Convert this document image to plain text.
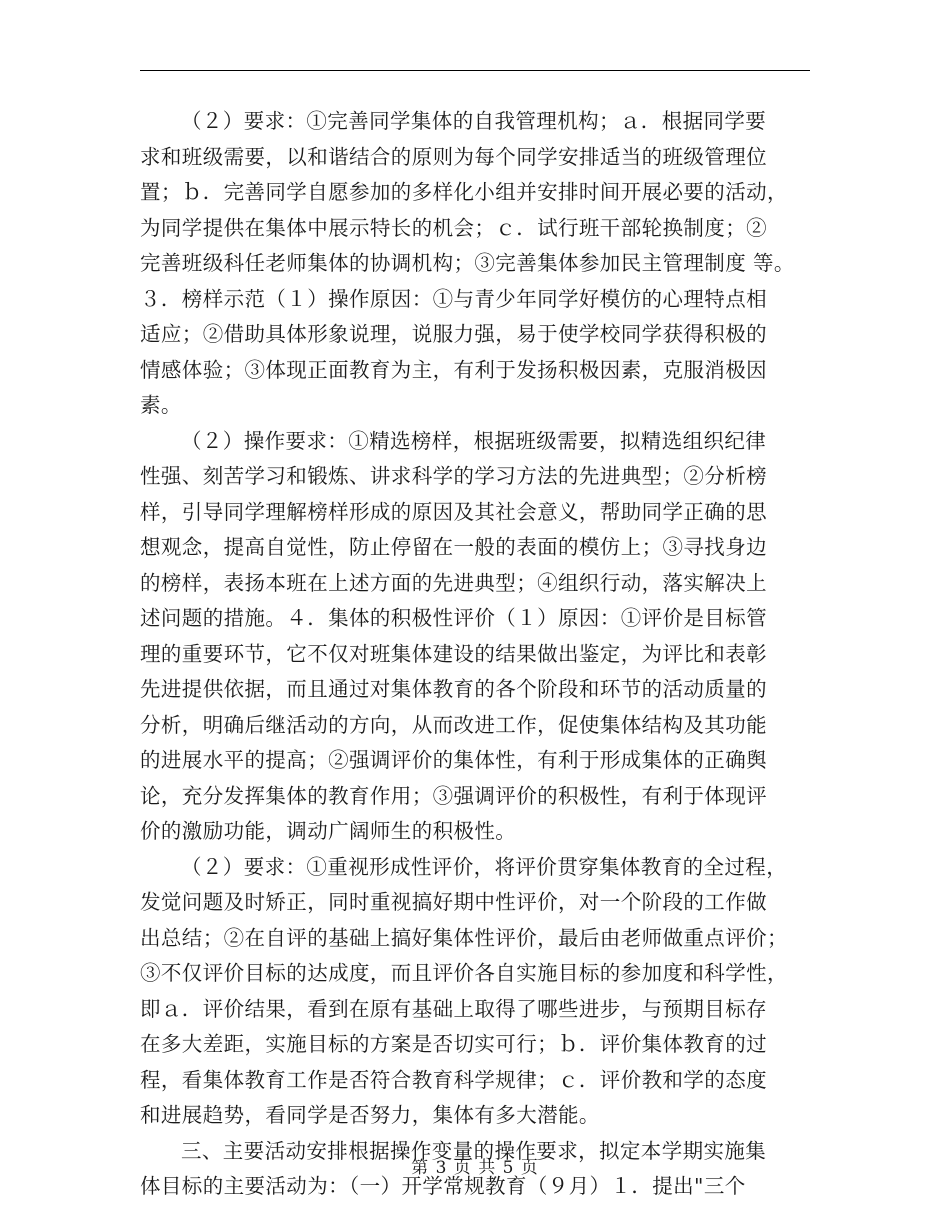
（２）要求：①完善同学集体的自我管理机构；ａ．根据同学要
求和班级需要，以和谐结合的原则为每个同学安排适当的班级管理位
置；ｂ．完善同学自愿参加的多样化小组并安排时间开展必要的活动，
为同学提供在集体中展示特长的机会；ｃ．试行班干部轮换制度；②
完善班级科任老师集体的协调机构；③完善集体参加民主管理制度 等。
３．榜样示范（１）操作原因：①与青少年同学好模仿的心理特点相
适应；②借助具体形象说理，说服力强，易于使学校同学获得积极的
情感体验；③体现正面教育为主，有利于发扬积极因素，克服消极因
素。
（２）操作要求：①精选榜样，根据班级需要，拟精选组织纪律
性强、刻苦学习和锻炼、讲求科学的学习方法的先进典型；②分析榜
样，引导同学理解榜样形成的原因及其社会意义，帮助同学正确的思
想观念，提高自觉性，防止停留在一般的表面的模仿上；③寻找身边
的榜样，表扬本班在上述方面的先进典型；④组织行动，落实解决上
述问题的措施。４．集体的积极性评价（１）原因：①评价是目标管
理的重要环节，它不仅对班集体建设的结果做出鉴定，为评比和表彰
先进提供依据，而且通过对集体教育的各个阶段和环节的活动质量的
分析，明确后继活动的方向，从而改进工作，促使集体结构及其功能
的进展水平的提高；②强调评价的集体性，有利于形成集体的正确舆
论，充分发挥集体的教育作用；③强调评价的积极性，有利于体现评
价的激励功能，调动广阔师生的积极性。
（２）要求：①重视形成性评价，将评价贯穿集体教育的全过程，
发觉问题及时矫正，同时重视搞好期中性评价，对一个阶段的工作做
出总结；②在自评的基础上搞好集体性评价，最后由老师做重点评价；
③不仅评价目标的达成度，而且评价各自实施目标的参加度和科学性，
即ａ．评价结果，看到在原有基础上取得了哪些进步，与预期目标存
在多大差距，实施目标的方案是否切实可行；ｂ．评价集体教育的过
程，看集体教育工作是否符合教育科学规律；ｃ．评价教和学的态度
和进展趋势，看同学是否努力，集体有多大潜能。
三、主要活动安排根据操作变量的操作要求，拟定本学期实施集
体目标的主要活动为：（一）开学常规教育（９月）１．提出"三个
第 3 页 共 5 页
